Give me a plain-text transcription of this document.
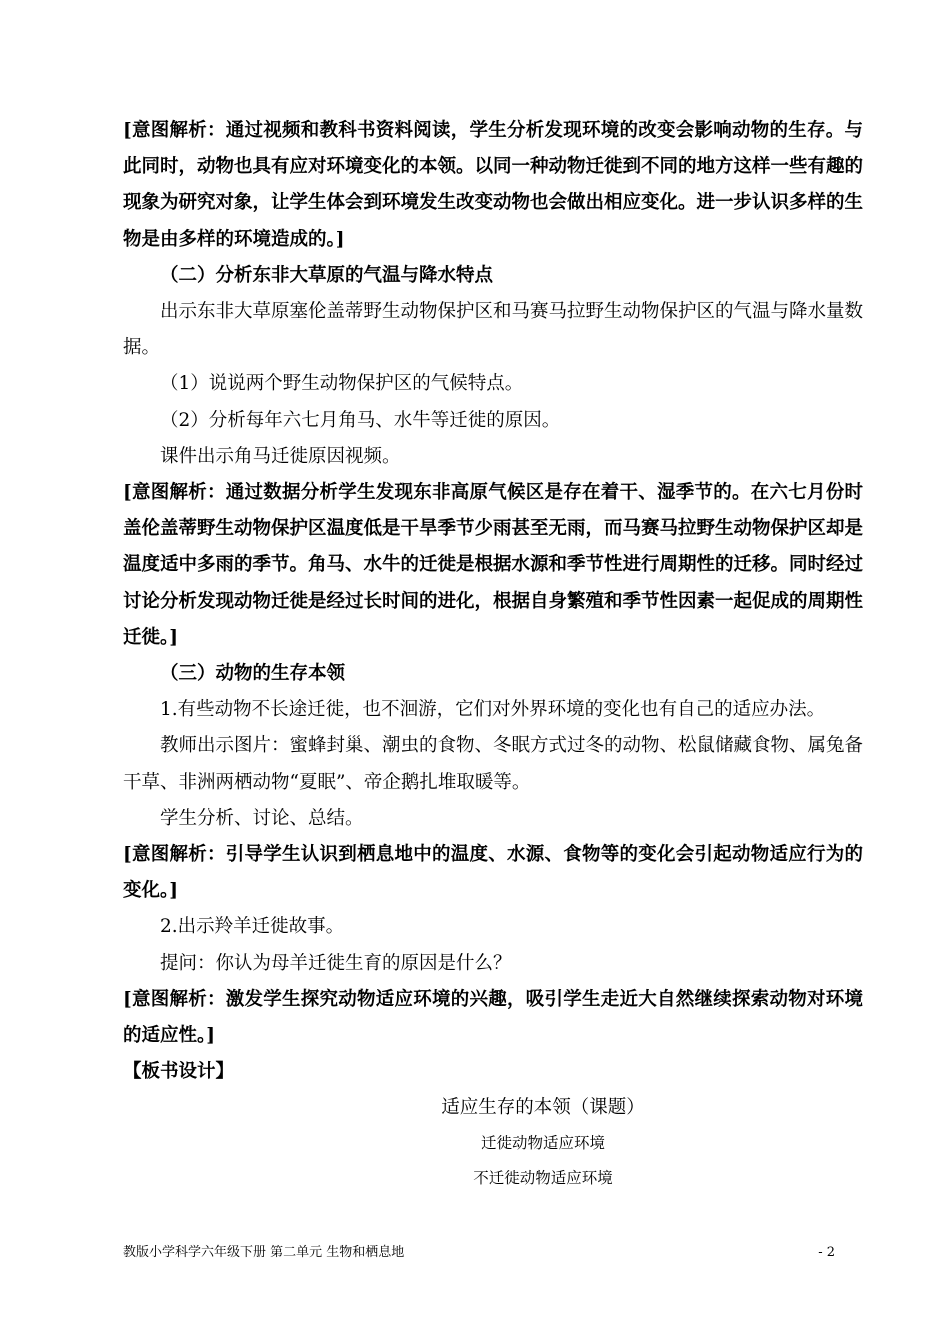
[意图解析：通过视频和教科书资料阅读，学生分析发现环境的改变会影响动物的生存。与此同时，动物也具有应对环境变化的本领。以同一种动物迁徙到不同的地方这样一些有趣的现象为研究对象，让学生体会到环境发生改变动物也会做出相应变化。进一步认识多样的生物是由多样的环境造成的。]

（二）分析东非大草原的气温与降水特点

出示东非大草原塞伦盖蒂野生动物保护区和马赛马拉野生动物保护区的气温与降水量数据。

（1）说说两个野生动物保护区的气候特点。

（2）分析每年六七月角马、水牛等迁徙的原因。

课件出示角马迁徙原因视频。

[意图解析：通过数据分析学生发现东非高原气候区是存在着干、湿季节的。在六七月份时盖伦盖蒂野生动物保护区温度低是干旱季节少雨甚至无雨，而马赛马拉野生动物保护区却是温度适中多雨的季节。角马、水牛的迁徙是根据水源和季节性进行周期性的迁移。同时经过讨论分析发现动物迁徙是经过长时间的进化，根据自身繁殖和季节性因素一起促成的周期性迁徙。]

（三）动物的生存本领

1.有些动物不长途迁徙，也不洄游，它们对外界环境的变化也有自己的适应办法。

教师出示图片：蜜蜂封巢、潮虫的食物、冬眠方式过冬的动物、松鼠储藏食物、属兔备干草、非洲两栖动物“夏眠”、帝企鹅扎堆取暖等。

学生分析、讨论、总结。

[意图解析：引导学生认识到栖息地中的温度、水源、食物等的变化会引起动物适应行为的变化。]

2.出示羚羊迁徙故事。

提问：你认为母羊迁徙生育的原因是什么？

[意图解析：激发学生探究动物适应环境的兴趣，吸引学生走近大自然继续探索动物对环境的适应性。]

【板书设计】

适应生存的本领（课题）

迁徙动物适应环境

不迁徙动物适应环境

教版小学科学六年级下册 第二单元 生物和栖息地	- 2
